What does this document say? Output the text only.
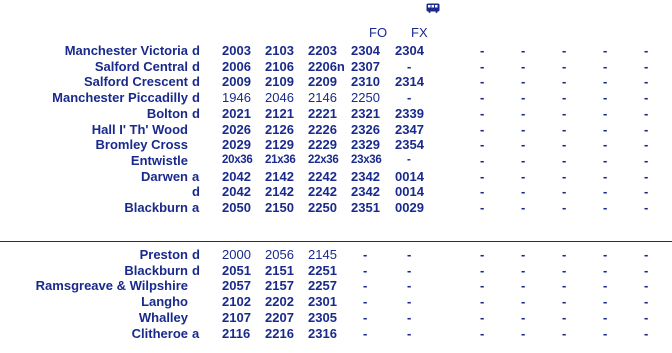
FO FX
Manchester Victoria d	2003 2103 2203 2304 2304	-	-	-	-	-
Salford Central d	2006 2106 2206n 2307 -	-	-	-	-	-
Salford Crescent d	2009 2109 2209 2310 2314	-	-	-	-	-
Manchester Piccadilly d	1946 2046 2146 2250 -	-	-	-	-	-
Bolton d	2021 2121 2221 2321 2339	-	-	-	-	-
Hall I' Th' Wood	2026 2126 2226 2326 2347	-	-	-	-	-
Bromley Cross	2029 2129 2229 2329 2354	-	-	-	-	-
Entwistle	20x36 21x36 22x36 23x36 -	-	-	-	-	-
Darwen a	2042 2142 2242 2342 0014	-	-	-	-	-
d	2042 2142 2242 2342 0014	-	-	-	-	-
Blackburn a	2050 2150 2250 2351 0029	-	-	-	-	-
Preston d	2000 2056 2145 -	-	-	-	-	-	-
Blackburn d	2051 2151 2251 -	-	-	-	-	-	-
Ramsgreave & Wilpshire	2057 2157 2257 -	-	-	-	-	-	-
Langho	2102 2202 2301 -	-	-	-	-	-	-
Whalley	2107 2207 2305 -	-	-	-	-	-	-
Clitheroe a	2116 2216 2316 -	-	-	-	-	-	-
